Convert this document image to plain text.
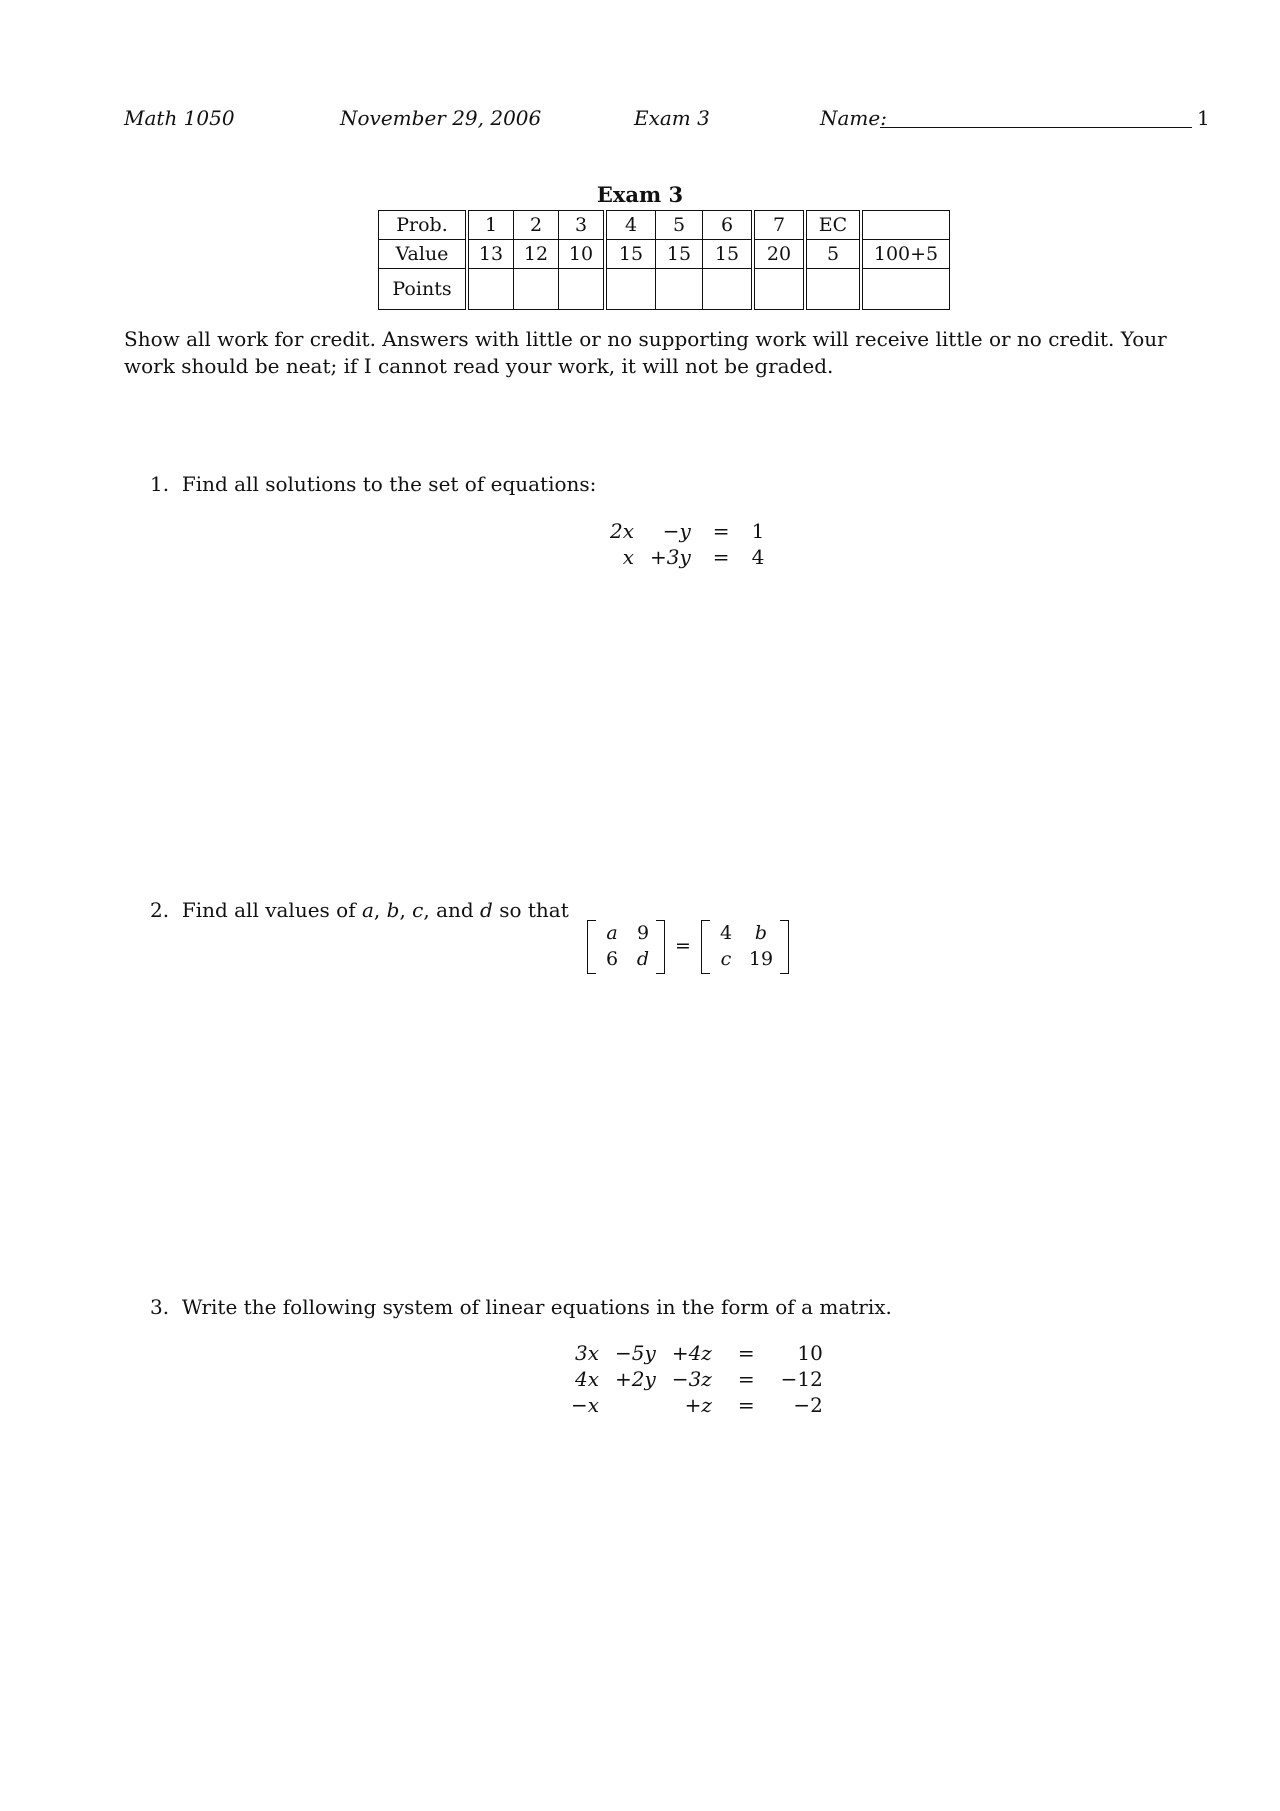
Math 1050	November 29, 2006	Exam 3	Name:	1
Exam 3
Prob.	1	2	3	4	5	6	7	EC	
Value	13	12	10	15	15	15	20	5	100+5
Points									
Show all work for credit. Answers with little or no supporting work will receive little or no credit. Your work should be neat; if I cannot read your work, it will not be graded.
1. Find all solutions to the set of equations:
2x	−y	=	1
x	+3y	=	4
2. Find all values of a, b, c, and d so that
a	9
6 d
=
4	b
c 19
3. Write the following system of linear equations in the form of a matrix.
3x	−5y	+4z	=	10
4x	+2y	−3z	=	−12
−x		+z	=	−2
